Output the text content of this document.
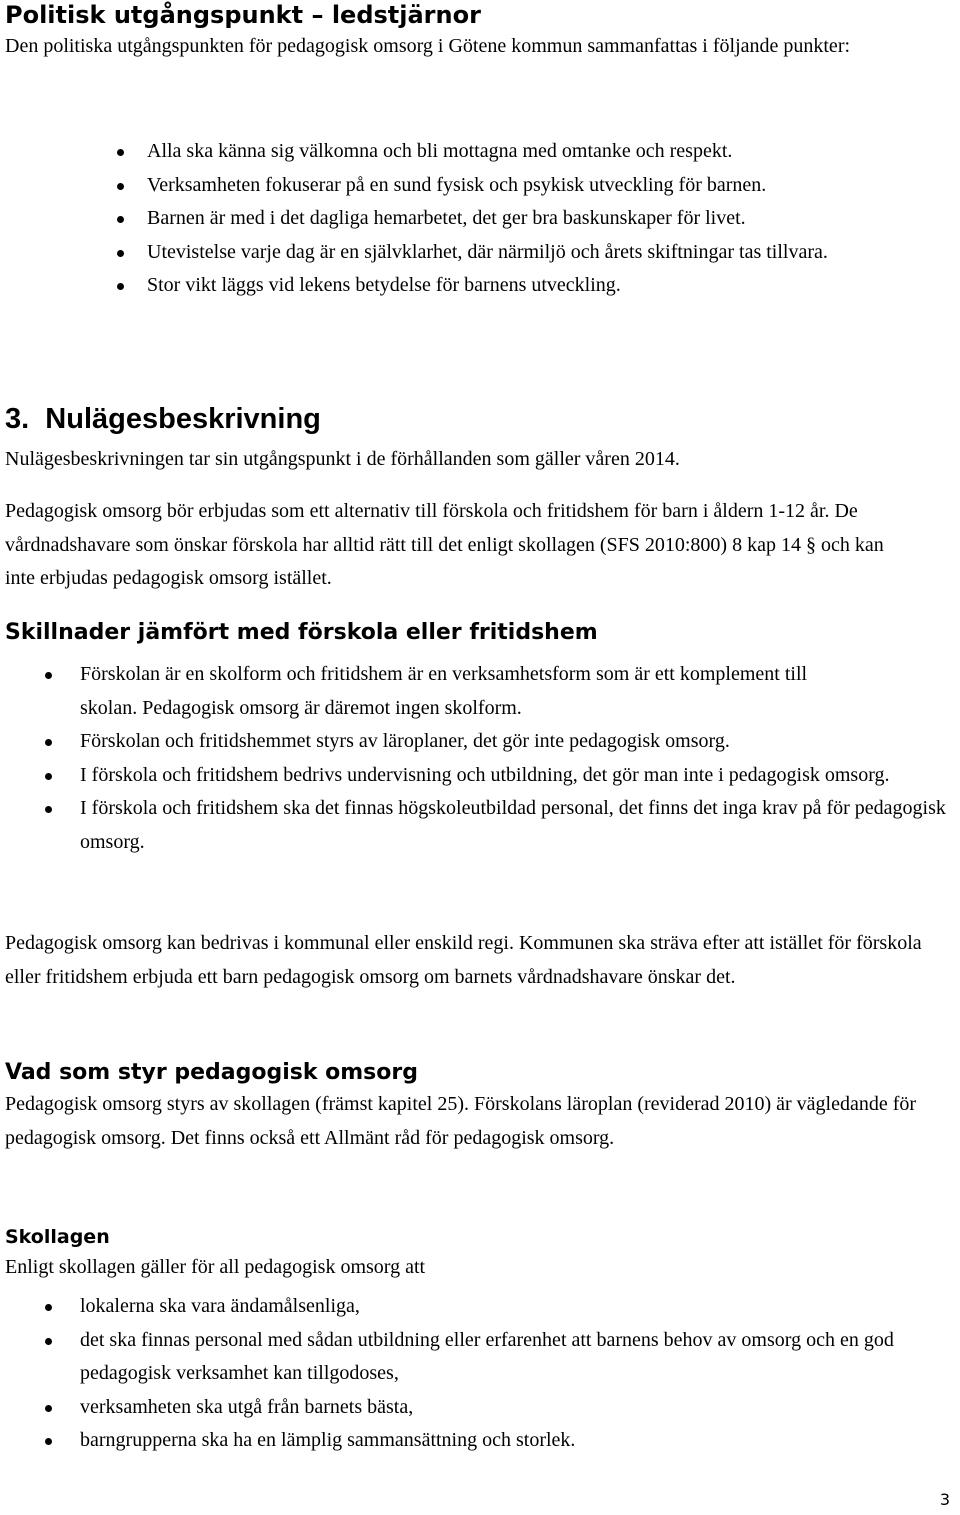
Politisk utgångspunkt – ledstjärnor

Den politiska utgångspunkten för pedagogisk omsorg i Götene kommun sammanfattas i följande punkter:

Alla ska känna sig välkomna och bli mottagna med omtanke och respekt.
Verksamheten fokuserar på en sund fysisk och psykisk utveckling för barnen.
Barnen är med i det dagliga hemarbetet, det ger bra baskunskaper för livet.
Utevistelse varje dag är en självklarhet, där närmiljö och årets skiftningar tas tillvara.
Stor vikt läggs vid lekens betydelse för barnens utveckling.
3.  Nulägesbeskrivning

Nulägesbeskrivningen tar sin utgångspunkt i de förhållanden som gäller våren 2014.

Pedagogisk omsorg bör erbjudas som ett alternativ till förskola och fritidshem för barn i åldern 1-12 år. De vårdnadshavare som önskar förskola har alltid rätt till det enligt skollagen (SFS 2010:800) 8 kap 14 § och kan inte erbjudas pedagogisk omsorg istället.

Skillnader jämfört med förskola eller fritidshem
Förskolan är en skolform och fritidshem är en verksamhetsform som är ett komplement till skolan. Pedagogisk omsorg är däremot ingen skolform.
Förskolan och fritidshemmet styrs av läroplaner, det gör inte pedagogisk omsorg.
I förskola och fritidshem bedrivs undervisning och utbildning, det gör man inte i pedagogisk omsorg.
I förskola och fritidshem ska det finnas högskoleutbildad personal, det finns det inga krav på för pedagogisk omsorg.

Pedagogisk omsorg kan bedrivas i kommunal eller enskild regi. Kommunen ska sträva efter att istället för förskola eller fritidshem erbjuda ett barn pedagogisk omsorg om barnets vårdnadshavare önskar det.

Vad som styr pedagogisk omsorg

Pedagogisk omsorg styrs av skollagen (främst kapitel 25). Förskolans läroplan (reviderad 2010) är vägledande för pedagogisk omsorg. Det finns också ett Allmänt råd för pedagogisk omsorg.

Skollagen

Enligt skollagen gäller för all pedagogisk omsorg att

lokalerna ska vara ändamålsenliga,
det ska finnas personal med sådan utbildning eller erfarenhet att barnens behov av omsorg och en god pedagogisk verksamhet kan tillgodoses,
verksamheten ska utgå från barnets bästa,
barngrupperna ska ha en lämplig sammansättning och storlek.
3
